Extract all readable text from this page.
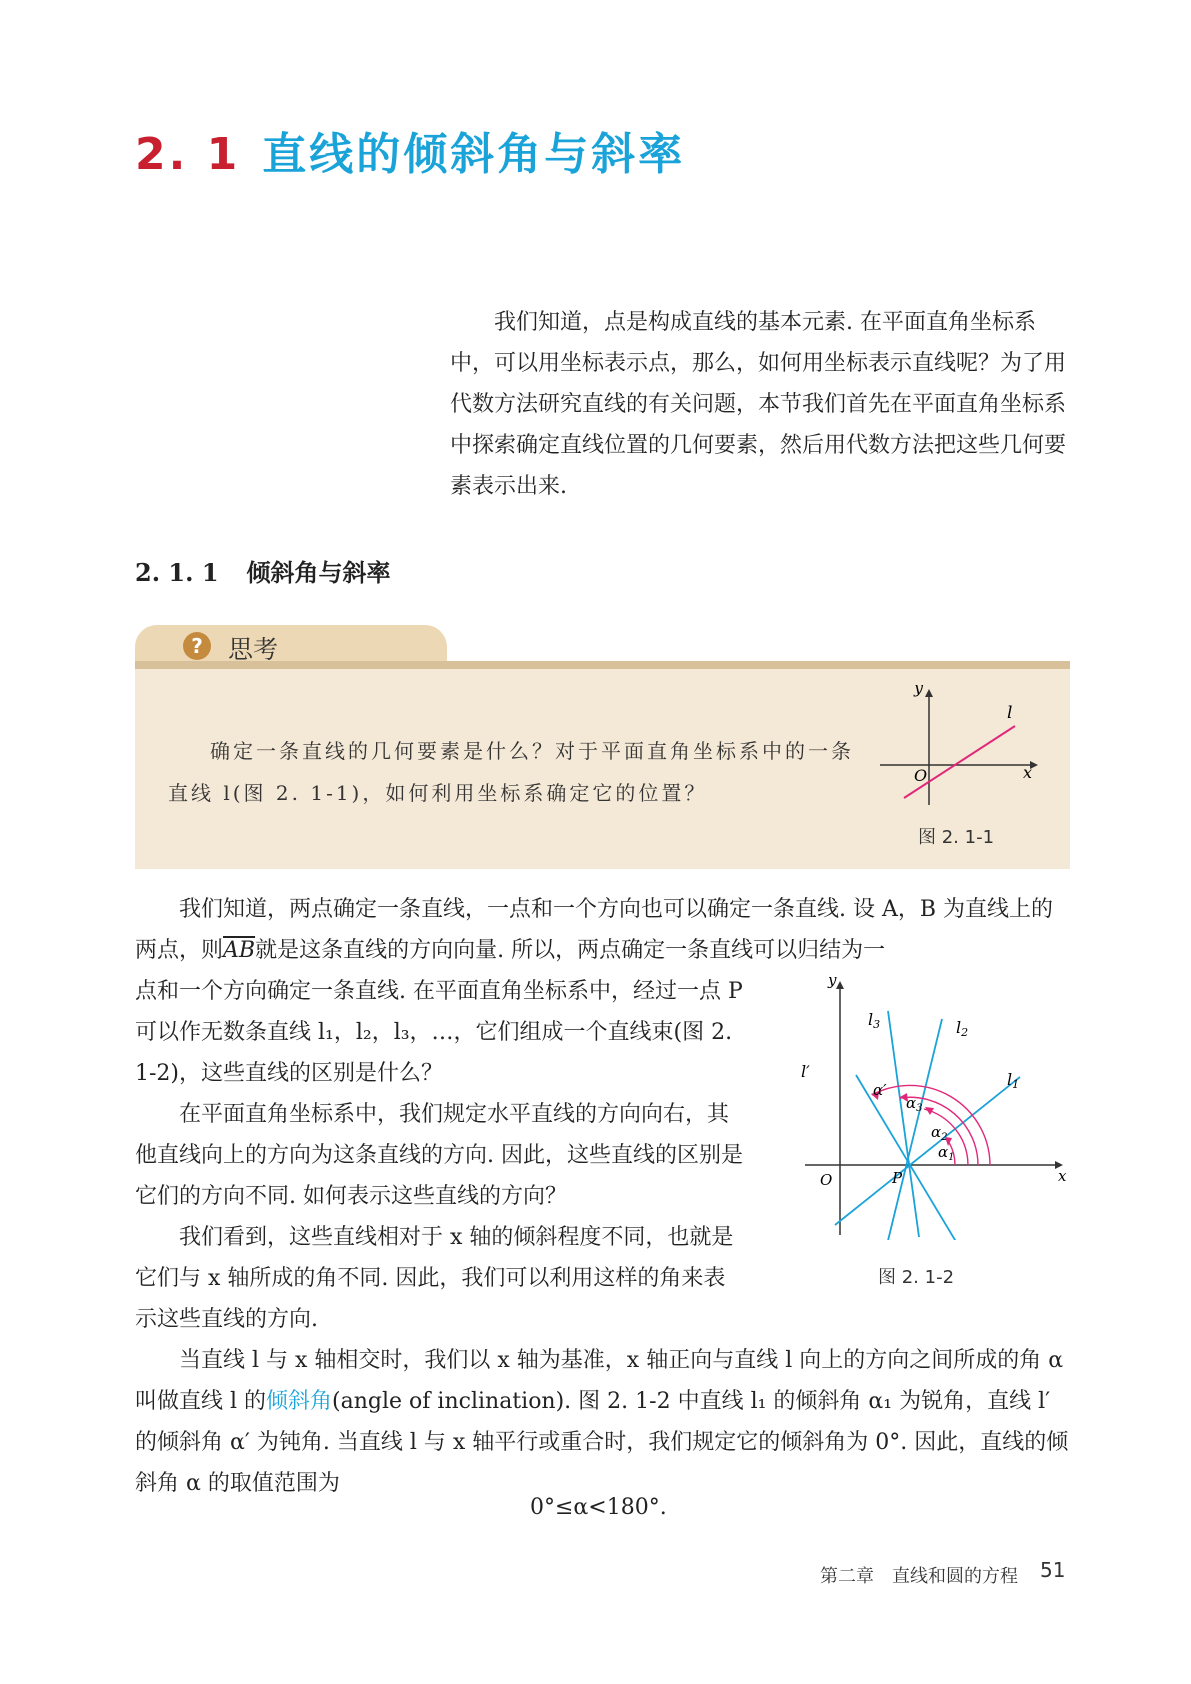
2. 1 直线的倾斜角与斜率
我们知道，点是构成直线的基本元素. 在平面直角坐标系中，可以用坐标表示点，那么，如何用坐标表示直线呢？为了用代数方法研究直线的有关问题，本节我们首先在平面直角坐标系中探索确定直线位置的几何要素，然后用代数方法把这些几何要素表示出来.
2. 1. 1 倾斜角与斜率
?	思考
确定一条直线的几何要素是什么？对于平面直角坐标系中的一条直线 l(图 2. 1-1)，如何利用坐标系确定它的位置？
y
x
O
l
图 2. 1-1
我们知道，两点确定一条直线，一点和一个方向也可以确定一条直线. 设 A，B 为直线上的两点，则$\overline{AB}$就是这条直线的方向向量. 所以，两点确定一条直线可以归结为一
点和一个方向确定一条直线. 在平面直角坐标系中，经过一点 P 可以作无数条直线 l₁，l₂，l₃，…，它们组成一个直线束(图 2. 1-2)，这些直线的区别是什么？
在平面直角坐标系中，我们规定水平直线的方向向右，其他直线向上的方向为这条直线的方向. 因此，这些直线的区别是它们的方向不同. 如何表示这些直线的方向？
我们看到，这些直线相对于 x 轴的倾斜程度不同，也就是它们与 x 轴所成的角不同. 因此，我们可以利用这样的角来表示这些直线的方向.
y
x
O	P
l′
l3	l2
l1
α′
$\alpha_3$
$\alpha_2$
$\alpha_1$
图 2. 1-2
当直线 l 与 x 轴相交时，我们以 x 轴为基准，x 轴正向与直线 l 向上的方向之间所成的角 α 叫做直线 l 的倾斜角(angle of inclination). 图 2. 1-2 中直线 l₁ 的倾斜角 α₁ 为锐角，直线 l′ 的倾斜角 α′ 为钝角. 当直线 l 与 x 轴平行或重合时，我们规定它的倾斜角为 0°. 因此，直线的倾斜角 α 的取值范围为
0°≤α<180°.
第二章　直线和圆的方程 51
